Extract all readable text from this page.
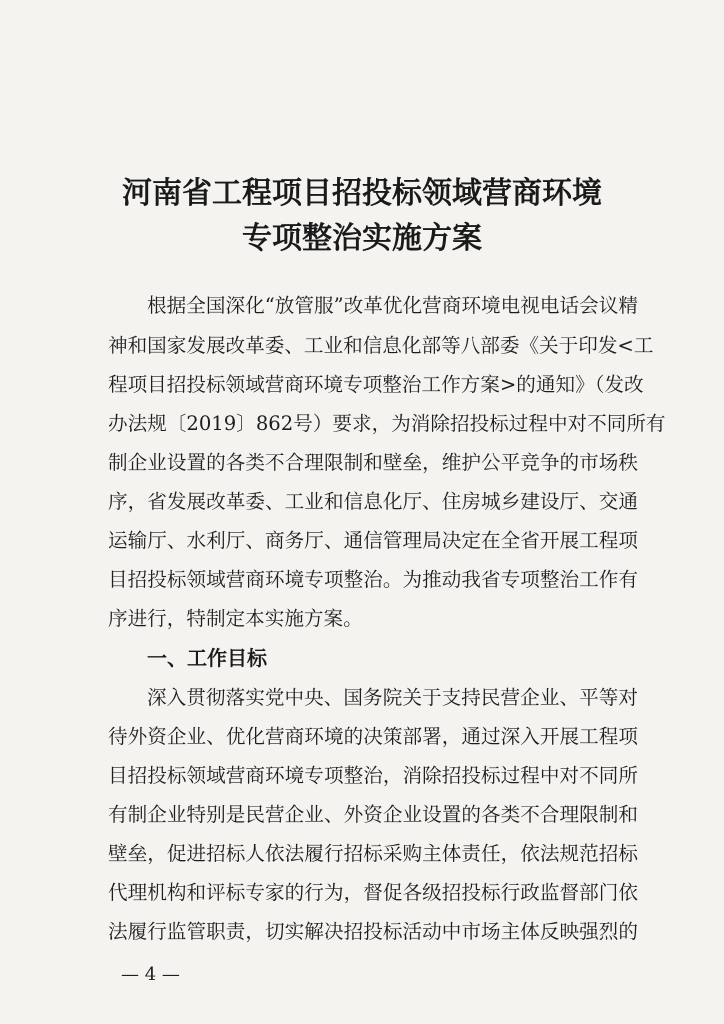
河南省工程项目招投标领域营商环境
专项整治实施方案
根据全国深化“放管服”改革优化营商环境电视电话会议精
神和国家发展改革委、工业和信息化部等八部委《关于印发<工
程项目招投标领域营商环境专项整治工作方案>的通知》（发改
办法规〔2019〕862号）要求，为消除招投标过程中对不同所有
制企业设置的各类不合理限制和壁垒，维护公平竞争的市场秩
序，省发展改革委、工业和信息化厅、住房城乡建设厅、交通
运输厅、水利厅、商务厅、通信管理局决定在全省开展工程项
目招投标领域营商环境专项整治。为推动我省专项整治工作有
序进行，特制定本实施方案。
一、工作目标
深入贯彻落实党中央、国务院关于支持民营企业、平等对
待外资企业、优化营商环境的决策部署，通过深入开展工程项
目招投标领域营商环境专项整治，消除招投标过程中对不同所
有制企业特别是民营企业、外资企业设置的各类不合理限制和
壁垒，促进招标人依法履行招标采购主体责任，依法规范招标
代理机构和评标专家的行为，督促各级招投标行政监督部门依
法履行监管职责，切实解决招投标活动中市场主体反映强烈的
— 4 —
